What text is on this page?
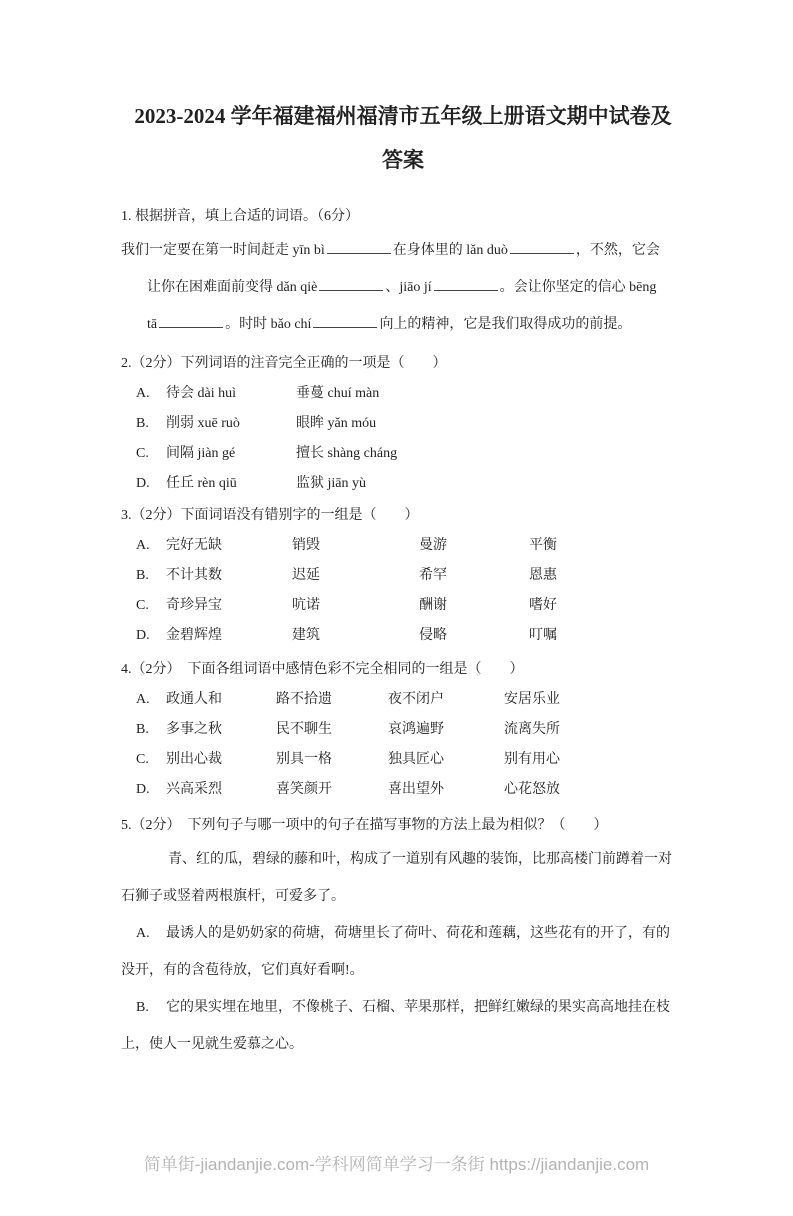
2023-2024 学年福建福州福清市五年级上册语文期中试卷及
答案
1. 根据拼音，填上合适的词语。（6分）
我们一定要在第一时间赶走 yīn bì	在身体里的 lǎn duò	，不然，它会
让你在困难面前变得 dǎn qiè	、jiāo jí	。会让你坚定的信心 bēng
tā	。时时 bǎo chí	向上的精神，它是我们取得成功的前提。
2.（2分）下列词语的注音完全正确的一项是（　　）
A.	待会 dài huì	垂蔓 chuí màn
B.	削弱 xuē ruò	眼眸 yǎn móu
C.	间隔 jiàn gé	擅长 shàng cháng
D.	任丘 rèn qiū	监狱 jiān yù
3.（2分）下面词语没有错别字的一组是（　　）
A.	完好无缺	销毁	曼游	平衡
B.	不计其数	迟延	希罕	恩惠
C.	奇珍异宝	吭诺	酬谢	嗜好
D.	金碧辉煌	建筑	侵略	叮嘱
4.（2分）　下面各组词语中感情色彩不完全相同的一组是（　　）
A.	政通人和	路不拾遗	夜不闭户	安居乐业
B.	多事之秋	民不聊生	哀鸿遍野	流离失所
C.	别出心裁	别具一格	独具匠心	别有用心
D.	兴高采烈	喜笑颜开	喜出望外	心花怒放
5.（2分）　下列句子与哪一项中的句子在描写事物的方法上最为相似？（　　）
青、红的瓜，碧绿的藤和叶，构成了一道别有风趣的装饰，比那高楼门前蹲着一对
石狮子或竖着两根旗杆，可爱多了。
A. 最诱人的是奶奶家的荷塘，荷塘里长了荷叶、荷花和莲藕，这些花有的开了，有的
没开，有的含苞待放，它们真好看啊!。
B. 它的果实埋在地里，不像桃子、石榴、苹果那样，把鲜红嫩绿的果实高高地挂在枝
上，使人一见就生爱慕之心。
简单街-jiandanjie.com-学科网简单学习一条街 https://jiandanjie.com
